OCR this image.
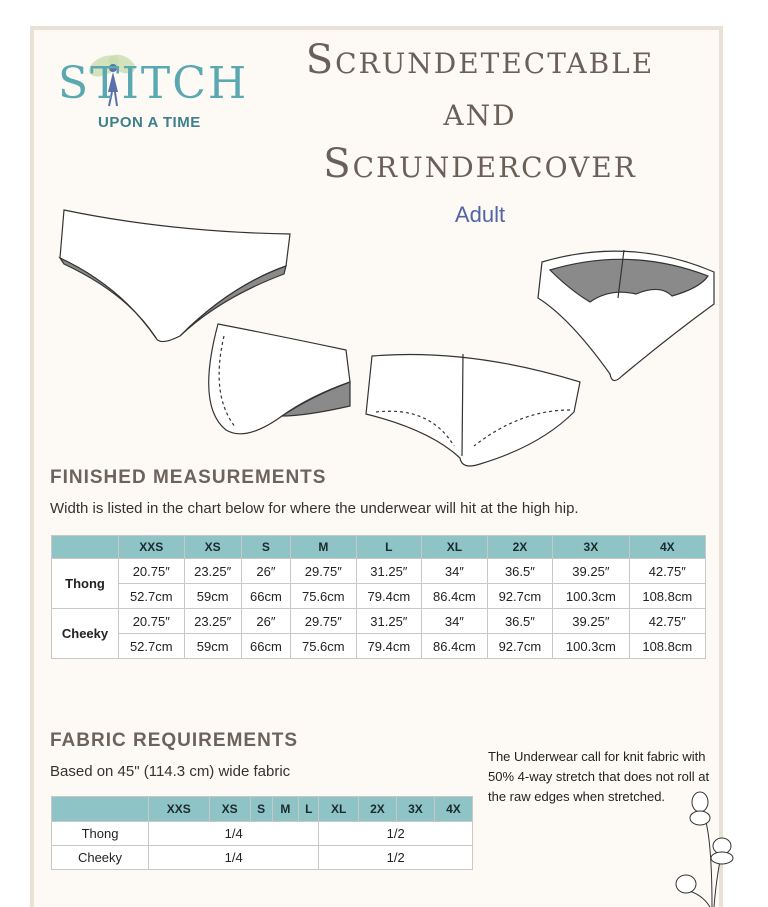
STITCH
UPON A TIME
Scrundetectable
and
Scrundercover
Adult
FINISHED MEASUREMENTS
Width is listed in the chart below for where the underwear will hit at the high hip.
	XXS	XS	S	M	L	XL	2X	3X	4X
Thong	20.75″	23.25″	26″	29.75″	31.25″	34″	36.5″	39.25″	42.75″
	52.7cm	59cm	66cm	75.6cm	79.4cm	86.4cm	92.7cm	100.3cm	108.8cm
Cheeky	20.75″	23.25″	26″	29.75″	31.25″	34″	36.5″	39.25″	42.75″
	52.7cm	59cm	66cm	75.6cm	79.4cm	86.4cm	92.7cm	100.3cm	108.8cm
FABRIC REQUIREMENTS
Based on 45" (114.3 cm) wide fabric
	XXS	XS	S	M	L	XL	2X	3X	4X
Thong	1/4					1/2			
Cheeky	1/4					1/2			
The Underwear call for knit fabric with 50% 4-way stretch that does not roll at the raw edges when stretched.
